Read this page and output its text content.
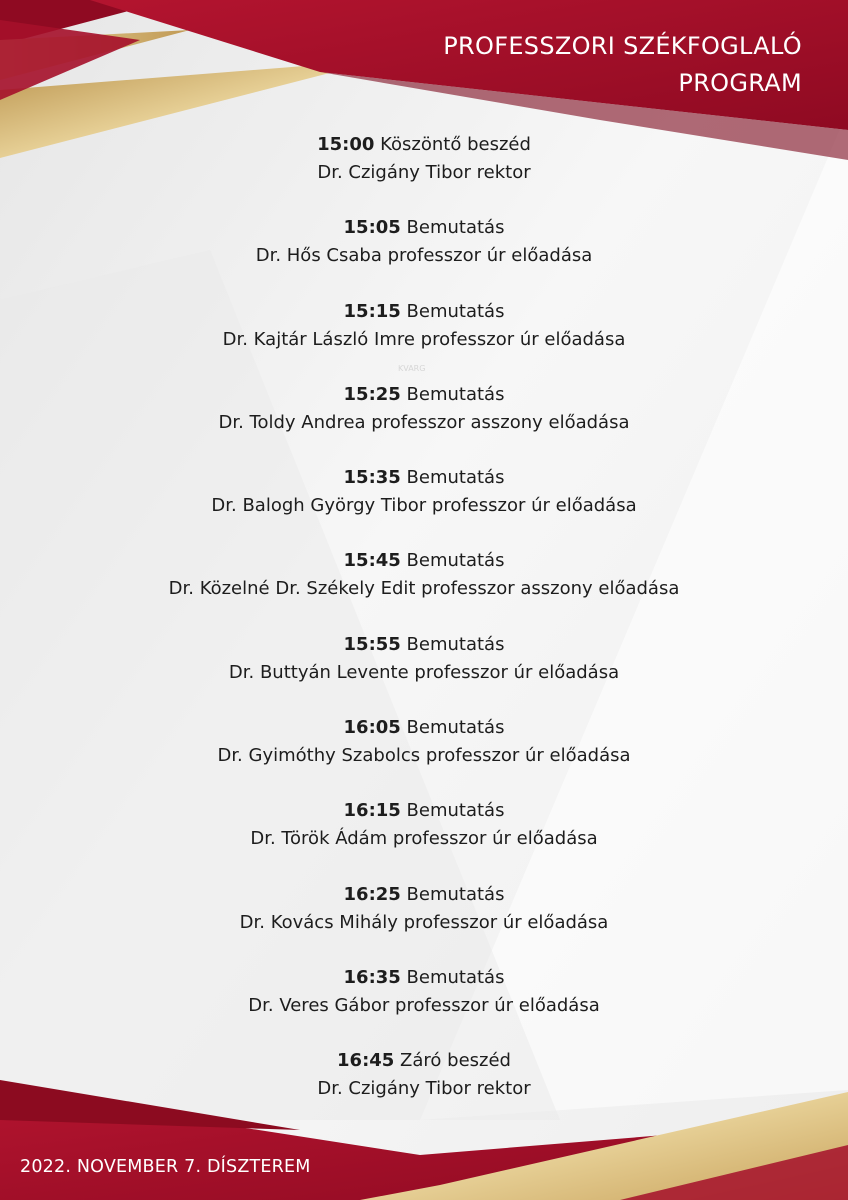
PROFESSZORI SZÉKFOGLALÓ
PROGRAM
15:00 Köszöntő beszéd
Dr. Czigány Tibor rektor
15:05 Bemutatás
Dr. Hős Csaba professzor úr előadása
15:15 Bemutatás
Dr. Kajtár László Imre professzor úr előadása
15:25 Bemutatás
Dr. Toldy Andrea professzor asszony előadása
15:35 Bemutatás
Dr. Balogh György Tibor professzor úr előadása
15:45 Bemutatás
Dr. Közelné Dr. Székely Edit professzor asszony előadása
15:55 Bemutatás
Dr. Buttyán Levente professzor úr előadása
16:05 Bemutatás
Dr. Gyimóthy Szabolcs professzor úr előadása
16:15 Bemutatás
Dr. Török Ádám professzor úr előadása
16:25 Bemutatás
Dr. Kovács Mihály professzor úr előadása
16:35 Bemutatás
Dr. Veres Gábor professzor úr előadása
16:45 Záró beszéd
Dr. Czigány Tibor rektor
KVARG
2022. NOVEMBER 7. DÍSZTEREM
